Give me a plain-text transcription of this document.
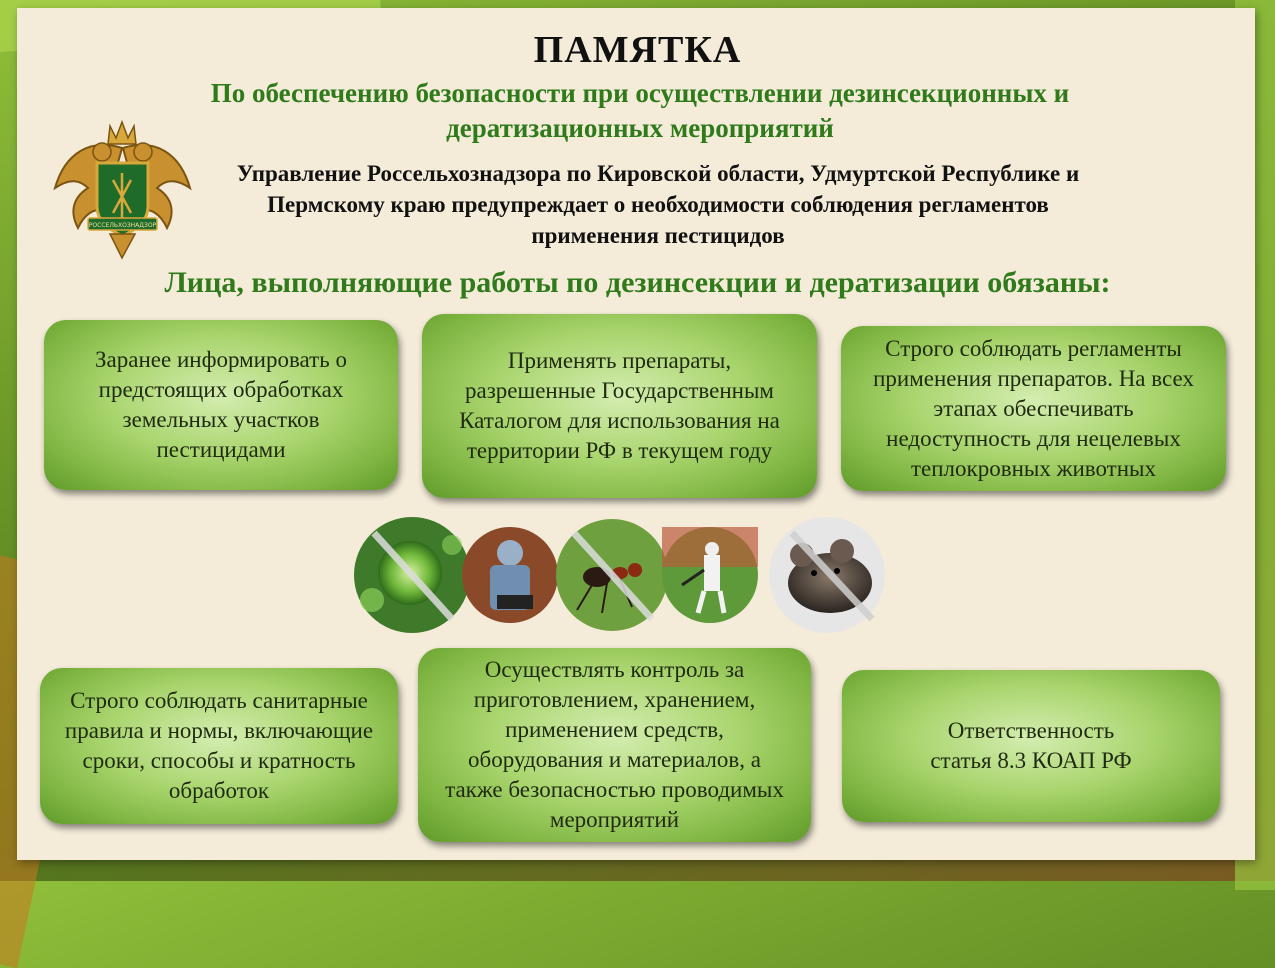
ПАМЯТКА
По обеспечению безопасности при осуществлении дезинсекционных и дератизационных мероприятий
РОССЕЛЬХОЗНАДЗОР
Управление Россельхознадзора по Кировской области, Удмуртской Республике и Пермскому краю предупреждает о необходимости соблюдения регламентов применения пестицидов
Лица, выполняющие работы по дезинсекции и дератизации обязаны:
Заранее информировать о предстоящих обработках земельных участков пестицидами
Применять препараты, разрешенные Государственным Каталогом для использования на территории РФ в текущем году
Строго соблюдать регламенты применения препаратов. На всех этапах обеспечивать недоступность для нецелевых теплокровных животных
Строго соблюдать санитарные правила и нормы, включающие сроки, способы и кратность обработок
Осуществлять контроль за приготовлением, хранением, применением средств, оборудования и материалов, а также безопасностью проводимых мероприятий
Ответственность
статья 8.3 КОАП РФ
